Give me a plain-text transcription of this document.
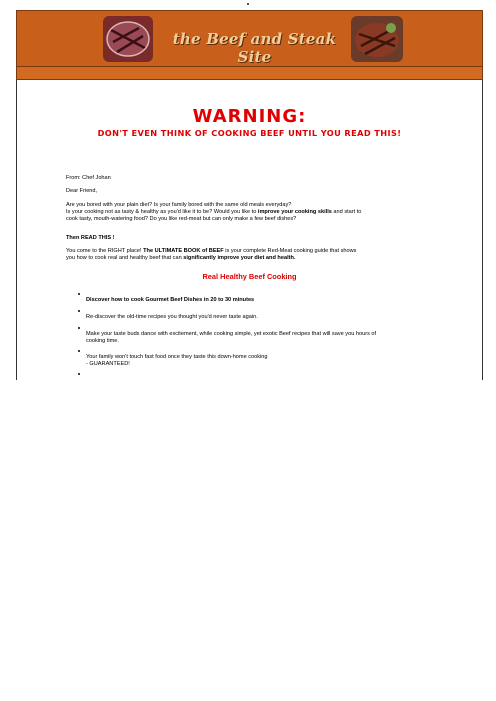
the Beef and Steak Site
WARNING:
DON'T EVEN THINK OF COOKING BEEF UNTIL YOU READ THIS!
From: Chef Johan
Dear Friend,
Are you bored with your plain diet? Is your family bored with the same old meals everyday?
Is your cooking not as tasty & healthy as you'd like it to be? Would you like to improve your cooking skills and start to
cook tasty, mouth-watering food? Do you like red-meat but can only make a few beef dishes?
Then READ THIS !
You come to the RIGHT place! The ULTIMATE BOOK of BEEF is your complete Red-Meat cooking guide that shows
you how to cook real and healthy beef that can significantly improve your diet and health.
Real Healthy Beef Cooking
Discover how to cook Gourmet Beef Dishes in 20 to 30 minutes
Re-discover the old-time recipes you thought you'd never taste again.
Make your taste buds dance with excitement, while cooking simple, yet exotic Beef recipes that will save you hours of
cooking time.
Your family won't touch fast food once they taste this down-home cooking
- GUARANTEED!
